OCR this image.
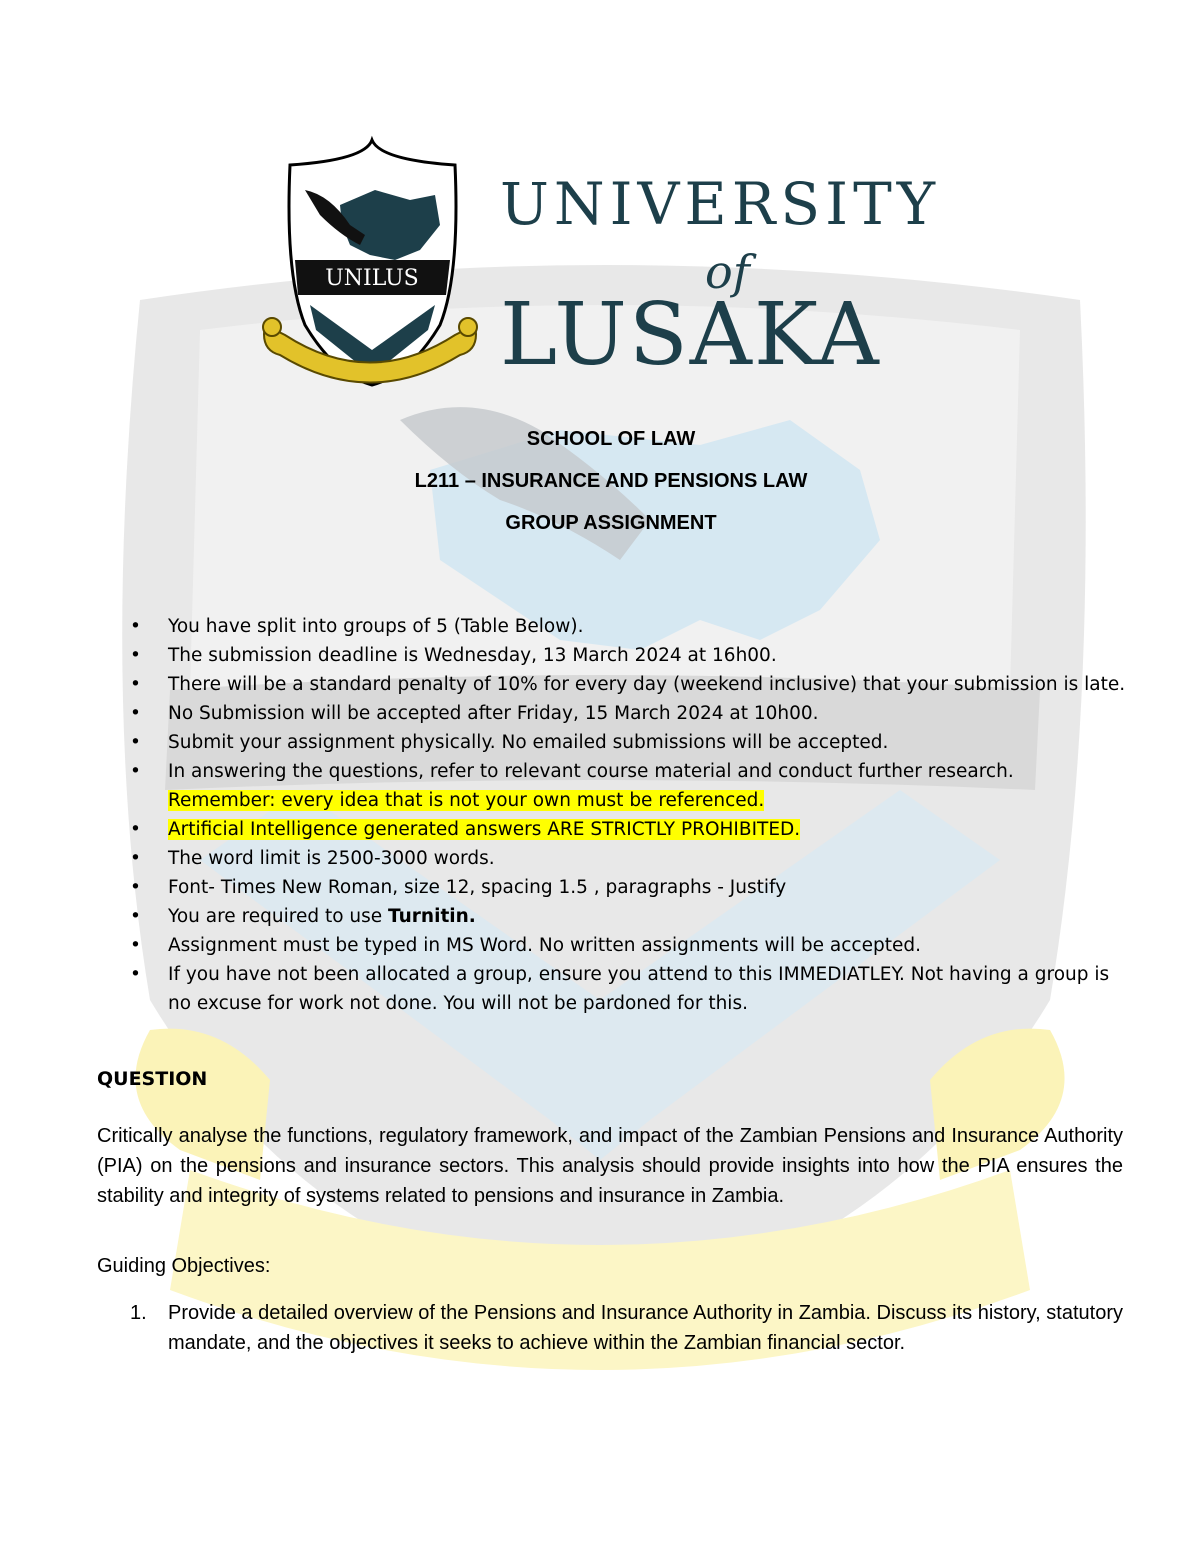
UNILUS
UNIVERSITY
of
LUSAKA
SCHOOL OF LAW
L211 – INSURANCE AND PENSIONS LAW
GROUP ASSIGNMENT
• You have split into groups of 5 (Table Below).
• The submission deadline is Wednesday, 13 March 2024 at 16h00.
• There will be a standard penalty of 10% for every day (weekend inclusive) that your submission is late.
• No Submission will be accepted after Friday, 15 March 2024 at 10h00.
• Submit your assignment physically. No emailed submissions will be accepted.
• In answering the questions, refer to relevant course material and conduct further research.
Remember: every idea that is not your own must be referenced.
• Artificial Intelligence generated answers ARE STRICTLY PROHIBITED.
• The word limit is 2500-3000 words.
• Font- Times New Roman, size 12, spacing 1.5 , paragraphs - Justify
• You are required to use Turnitin.
• Assignment must be typed in MS Word. No written assignments will be accepted.
• If you have not been allocated a group, ensure you attend to this IMMEDIATLEY. Not having a group is no excuse for work not done. You will not be pardoned for this.
QUESTION

Critically analyse the functions, regulatory framework, and impact of the Zambian Pensions and Insurance Authority (PIA) on the pensions and insurance sectors. This analysis should provide insights into how the PIA ensures the stability and integrity of systems related to pensions and insurance in Zambia.

Guiding Objectives:
1. Provide a detailed overview of the Pensions and Insurance Authority in Zambia. Discuss its history, statutory mandate, and the objectives it seeks to achieve within the Zambian financial sector.
